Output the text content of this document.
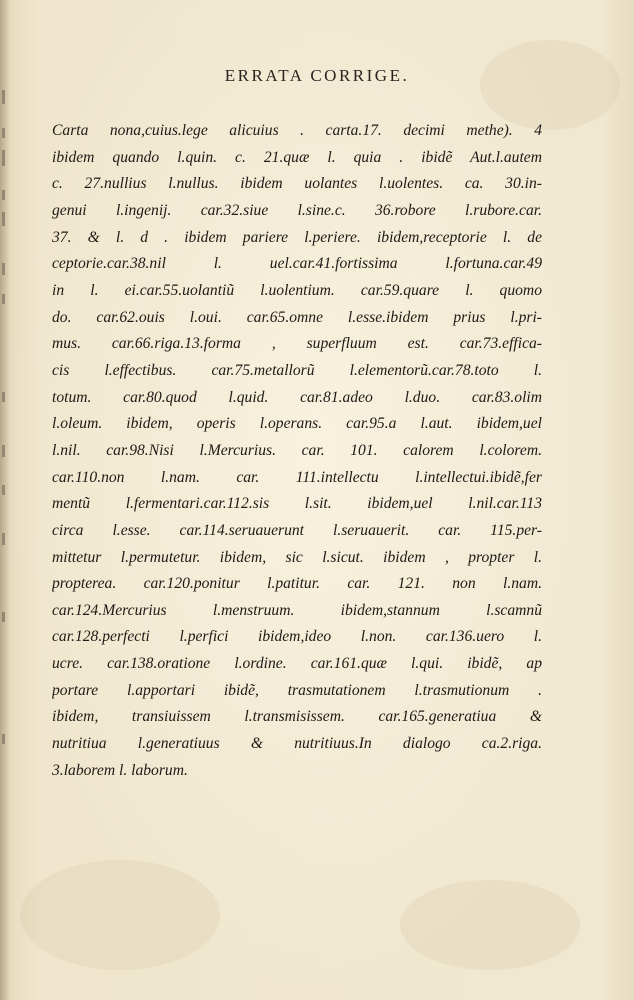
ERRATA CORRIGE.
Carta nona,cuius.lege alicuius . carta.17. decimi methe). 4
ibidem quando l.quin. c. 21.quæ l. quia . ibidẽ Aut.l.autem
c. 27.nullius l.nullus. ibidem uolantes l.uolentes. ca. 30.in-
genui l.ingenij. car.32.siue l.sine.c. 36.robore l.rubore.car.
37. & l. d . ibidem pariere l.periere. ibidem,receptorie l. de
ceptorie.car.38.nil l. uel.car.41.fortissima l.fortuna.car.49
in l. ei.car.55.uolantiũ l.uolentium. car.59.quare l. quomo
do. car.62.ouis l.oui. car.65.omne l.esse.ibidem prius l.pri-
mus. car.66.riga.13.forma , superfluum est. car.73.effica-
cis l.effectibus. car.75.metallorũ l.elementorũ.car.78.toto l.
totum. car.80.quod l.quid. car.81.adeo l.duo. car.83.olim
l.oleum. ibidem, operis l.operans. car.95.a l.aut. ibidem,uel
l.nil. car.98.Nisi l.Mercurius. car. 101. calorem l.colorem.
car.110.non l.nam. car. 111.intellectu l.intellectui.ibidẽ,fer
mentũ l.fermentari.car.112.sis l.sit. ibidem,uel l.nil.car.113
circa l.esse. car.114.seruauerunt l.seruauerit. car. 115.per-
mittetur l.permutetur. ibidem, sic l.sicut. ibidem , propter l.
propterea. car.120.ponitur l.patitur. car. 121. non l.nam.
car.124.Mercurius l.menstruum. ibidem,stannum l.scamnũ
car.128.perfecti l.perfici ibidem,ideo l.non. car.136.uero l.
ucre. car.138.oratione l.ordine. car.161.quæ l.qui. ibidẽ, ap
portare l.apportari ibidẽ, trasmutationem l.trasmutionum .
ibidem, transiuissem l.transmisissem. car.165.generatiua &
nutritiua l.generatiuus & nutritiuus.In dialogo ca.2.riga.
3.laborem l. laborum.
